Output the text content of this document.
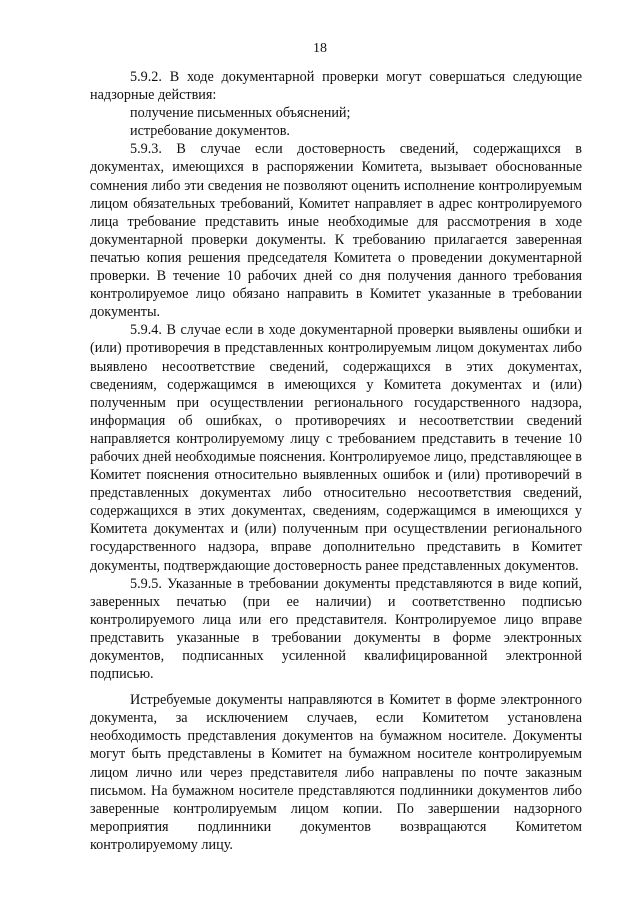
18

5.9.2. В ходе документарной проверки могут совершаться следующие надзорные действия:

получение письменных объяснений;

истребование документов.

5.9.3. В случае если достоверность сведений, содержащихся в документах, имеющихся в распоряжении Комитета, вызывает обоснованные сомнения либо эти сведения не позволяют оценить исполнение контролируемым лицом обязательных требований, Комитет направляет в адрес контролируемого лица требование представить иные необходимые для рассмотрения в ходе документарной проверки документы. К требованию прилагается заверенная печатью копия решения председателя Комитета о проведении документарной проверки. В течение 10 рабочих дней со дня получения данного требования контролируемое лицо обязано направить в Комитет указанные в требовании документы.

5.9.4. В случае если в ходе документарной проверки выявлены ошибки и (или) противоречия в представленных контролируемым лицом документах либо выявлено несоответствие сведений, содержащихся в этих документах, сведениям, содержащимся в имеющихся у Комитета документах и (или) полученным при осуществлении регионального государственного надзора, информация об ошибках, о противоречиях и несоответствии сведений направляется контролируемому лицу с требованием представить в течение 10 рабочих дней необходимые пояснения. Контролируемое лицо, представляющее в Комитет пояснения относительно выявленных ошибок и (или) противоречий в представленных документах либо относительно несоответствия сведений, содержащихся в этих документах, сведениям, содержащимся в имеющихся у Комитета документах и (или) полученным при осуществлении регионального государственного надзора, вправе дополнительно представить в Комитет документы, подтверждающие достоверность ранее представленных документов.

5.9.5. Указанные в требовании документы представляются в виде копий, заверенных печатью (при ее наличии) и соответственно подписью контролируемого лица или его представителя. Контролируемое лицо вправе представить указанные в требовании документы в форме электронных документов, подписанных усиленной квалифицированной электронной подписью.

Истребуемые документы направляются в Комитет в форме электронного документа, за исключением случаев, если Комитетом установлена необходимость представления документов на бумажном носителе. Документы могут быть представлены в Комитет на бумажном носителе контролируемым лицом лично или через представителя либо направлены по почте заказным письмом. На бумажном носителе представляются подлинники документов либо заверенные контролируемым лицом копии. По завершении надзорного мероприятия подлинники документов возвращаются Комитетом контролируемому лицу.
